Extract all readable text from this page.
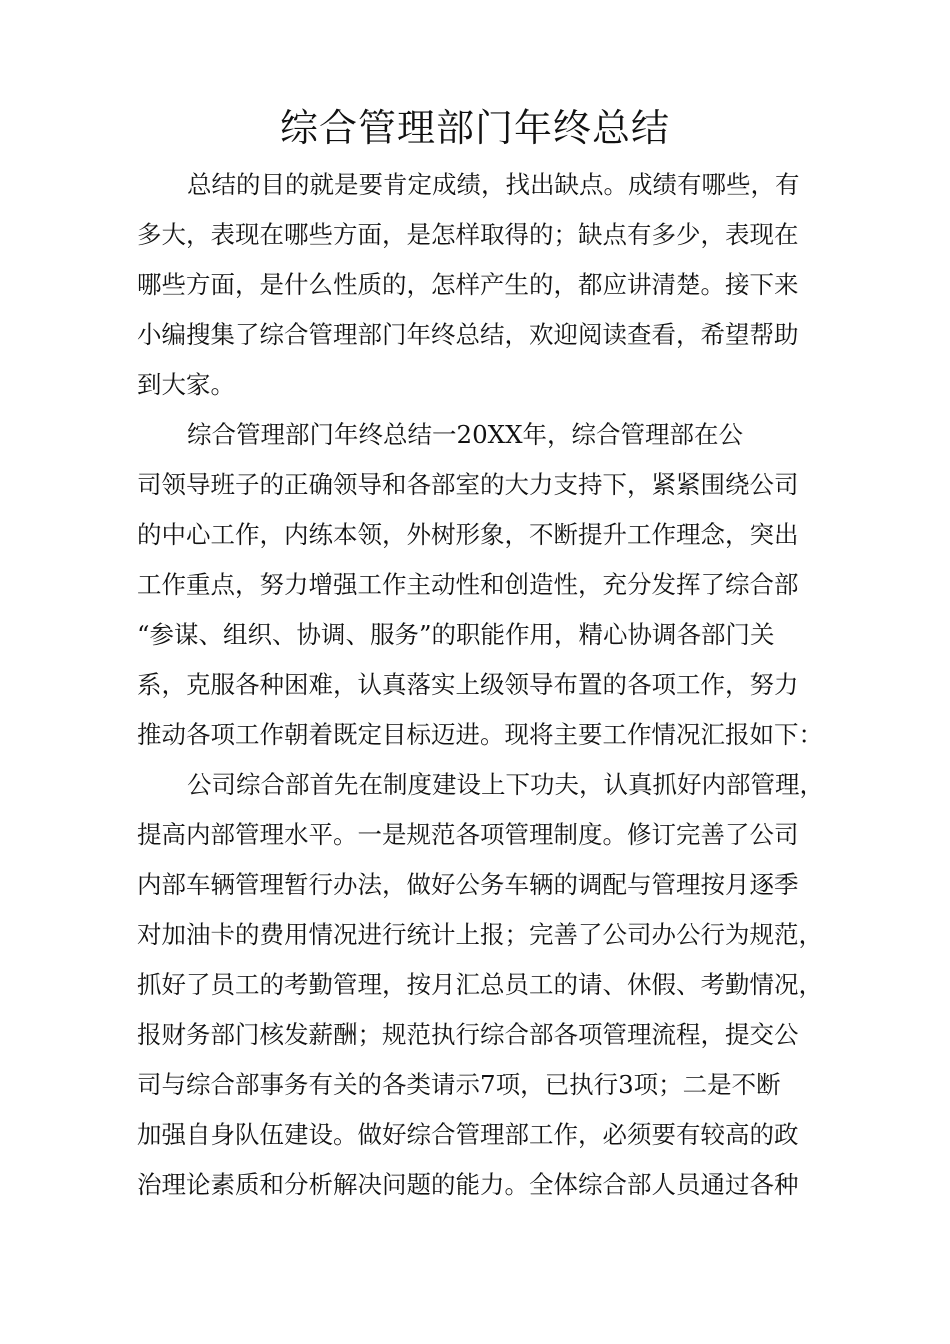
综合管理部门年终总结
总结的目的就是要肯定成绩，找出缺点。成绩有哪些，有
多大，表现在哪些方面，是怎样取得的；缺点有多少，表现在
哪些方面，是什么性质的，怎样产生的，都应讲清楚。接下来
小编搜集了综合管理部门年终总结，欢迎阅读查看，希望帮助
到大家。
综合管理部门年终总结一20XX年，综合管理部在公
司领导班子的正确领导和各部室的大力支持下，紧紧围绕公司
的中心工作，内练本领，外树形象，不断提升工作理念，突出
工作重点，努力增强工作主动性和创造性，充分发挥了综合部
“参谋、组织、协调、服务”的职能作用，精心协调各部门关
系，克服各种困难，认真落实上级领导布置的各项工作，努力
推动各项工作朝着既定目标迈进。现将主要工作情况汇报如下：
公司综合部首先在制度建设上下功夫，认真抓好内部管理，
提高内部管理水平。一是规范各项管理制度。修订完善了公司
内部车辆管理暂行办法，做好公务车辆的调配与管理按月逐季
对加油卡的费用情况进行统计上报；完善了公司办公行为规范，
抓好了员工的考勤管理，按月汇总员工的请、休假、考勤情况，
报财务部门核发薪酬；规范执行综合部各项管理流程，提交公
司与综合部事务有关的各类请示7项，已执行3项；二是不断
加强自身队伍建设。做好综合管理部工作，必须要有较高的政
治理论素质和分析解决问题的能力。全体综合部人员通过各种
